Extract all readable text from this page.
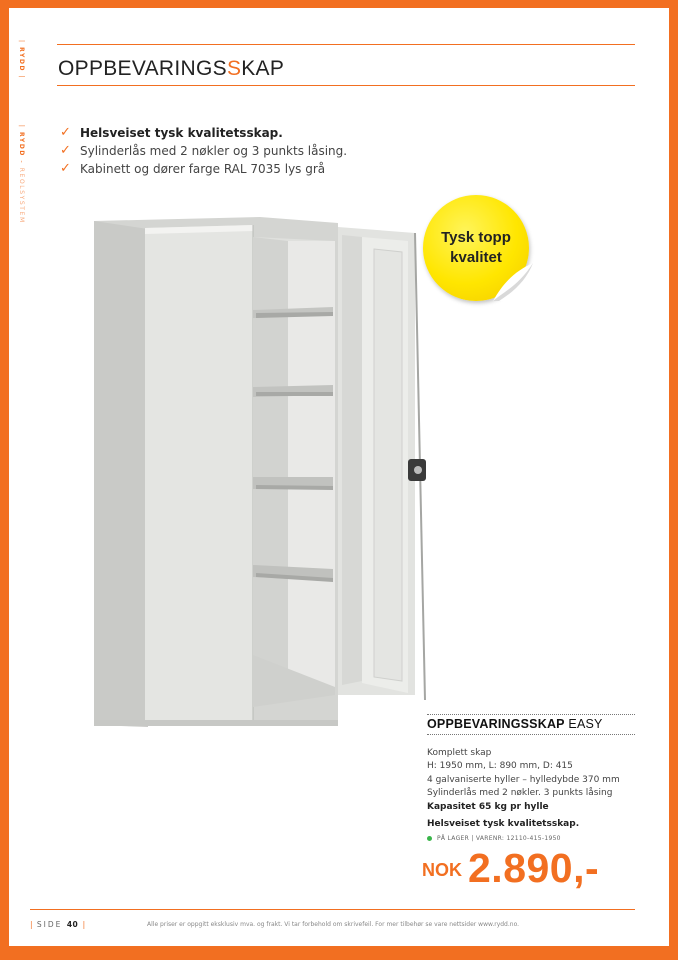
| RYDD |             | RYDD - REOLSYSTEM
OPPBEVARINGSSKAP
✓ Helsveiset tysk kvalitetsskap.
✓ Sylinderlås med 2 nøkler og 3 punkts låsing.
✓ Kabinett og dører farge RAL 7035 lys grå
Tysk topp
kvalitet
OPPBEVARINGSSKAP EASY
Komplett skap
H: 1950 mm, L: 890 mm, D: 415
4 galvaniserte hyller – hylledybde 370 mm
Sylinderlås med 2 nøkler. 3 punkts låsing
Kapasitet 65 kg pr hylle
Helsveiset tysk kvalitetsskap.
PÅ LAGER | VARENR: 12110-415-1950
NOK 2.890,-
| SIDE 40 |	Alle priser er oppgitt eksklusiv mva. og frakt. Vi tar forbehold om skrivefeil. For mer tilbehør se vare nettsider www.rydd.no.
